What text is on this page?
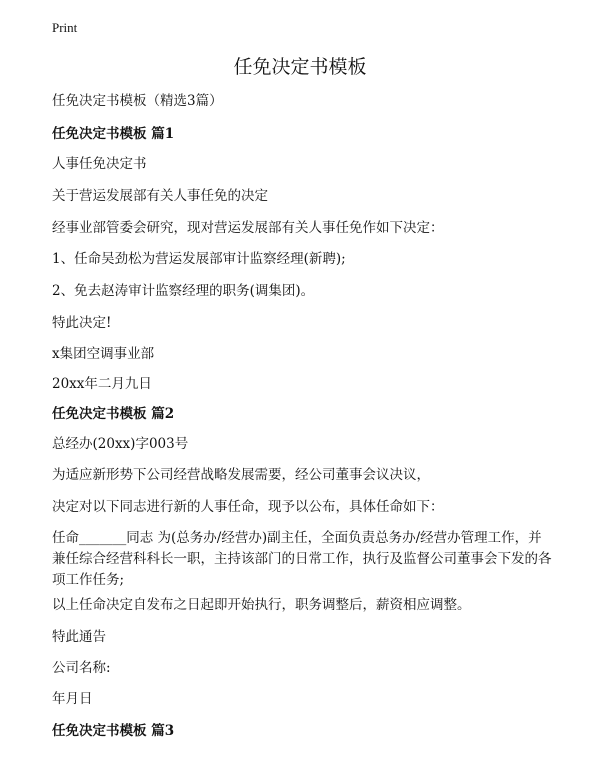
Print
任免决定书模板
任免决定书模板（精选3篇）
任免决定书模板 篇1
人事任免决定书
关于营运发展部有关人事任免的决定
经事业部管委会研究，现对营运发展部有关人事任免作如下决定：
1、任命吴劲松为营运发展部审计监察经理(新聘);
2、免去赵涛审计监察经理的职务(调集团)。
特此决定!
x集团空调事业部
20xx年二月九日
任免决定书模板 篇2
总经办(20xx)字003号
为适应新形势下公司经营战略发展需要，经公司董事会议决议，
决定对以下同志进行新的人事任命，现予以公布，具体任命如下：
任命_______同志 为(总务办/经营办)副主任，全面负责总务办/经营办管理工作，并兼任综合经营科科长一职，主持该部门的日常工作，执行及监督公司董事会下发的各项工作任务;
以上任命决定自发布之日起即开始执行，职务调整后，薪资相应调整。
特此通告
公司名称:
年月日
任免决定书模板 篇3
